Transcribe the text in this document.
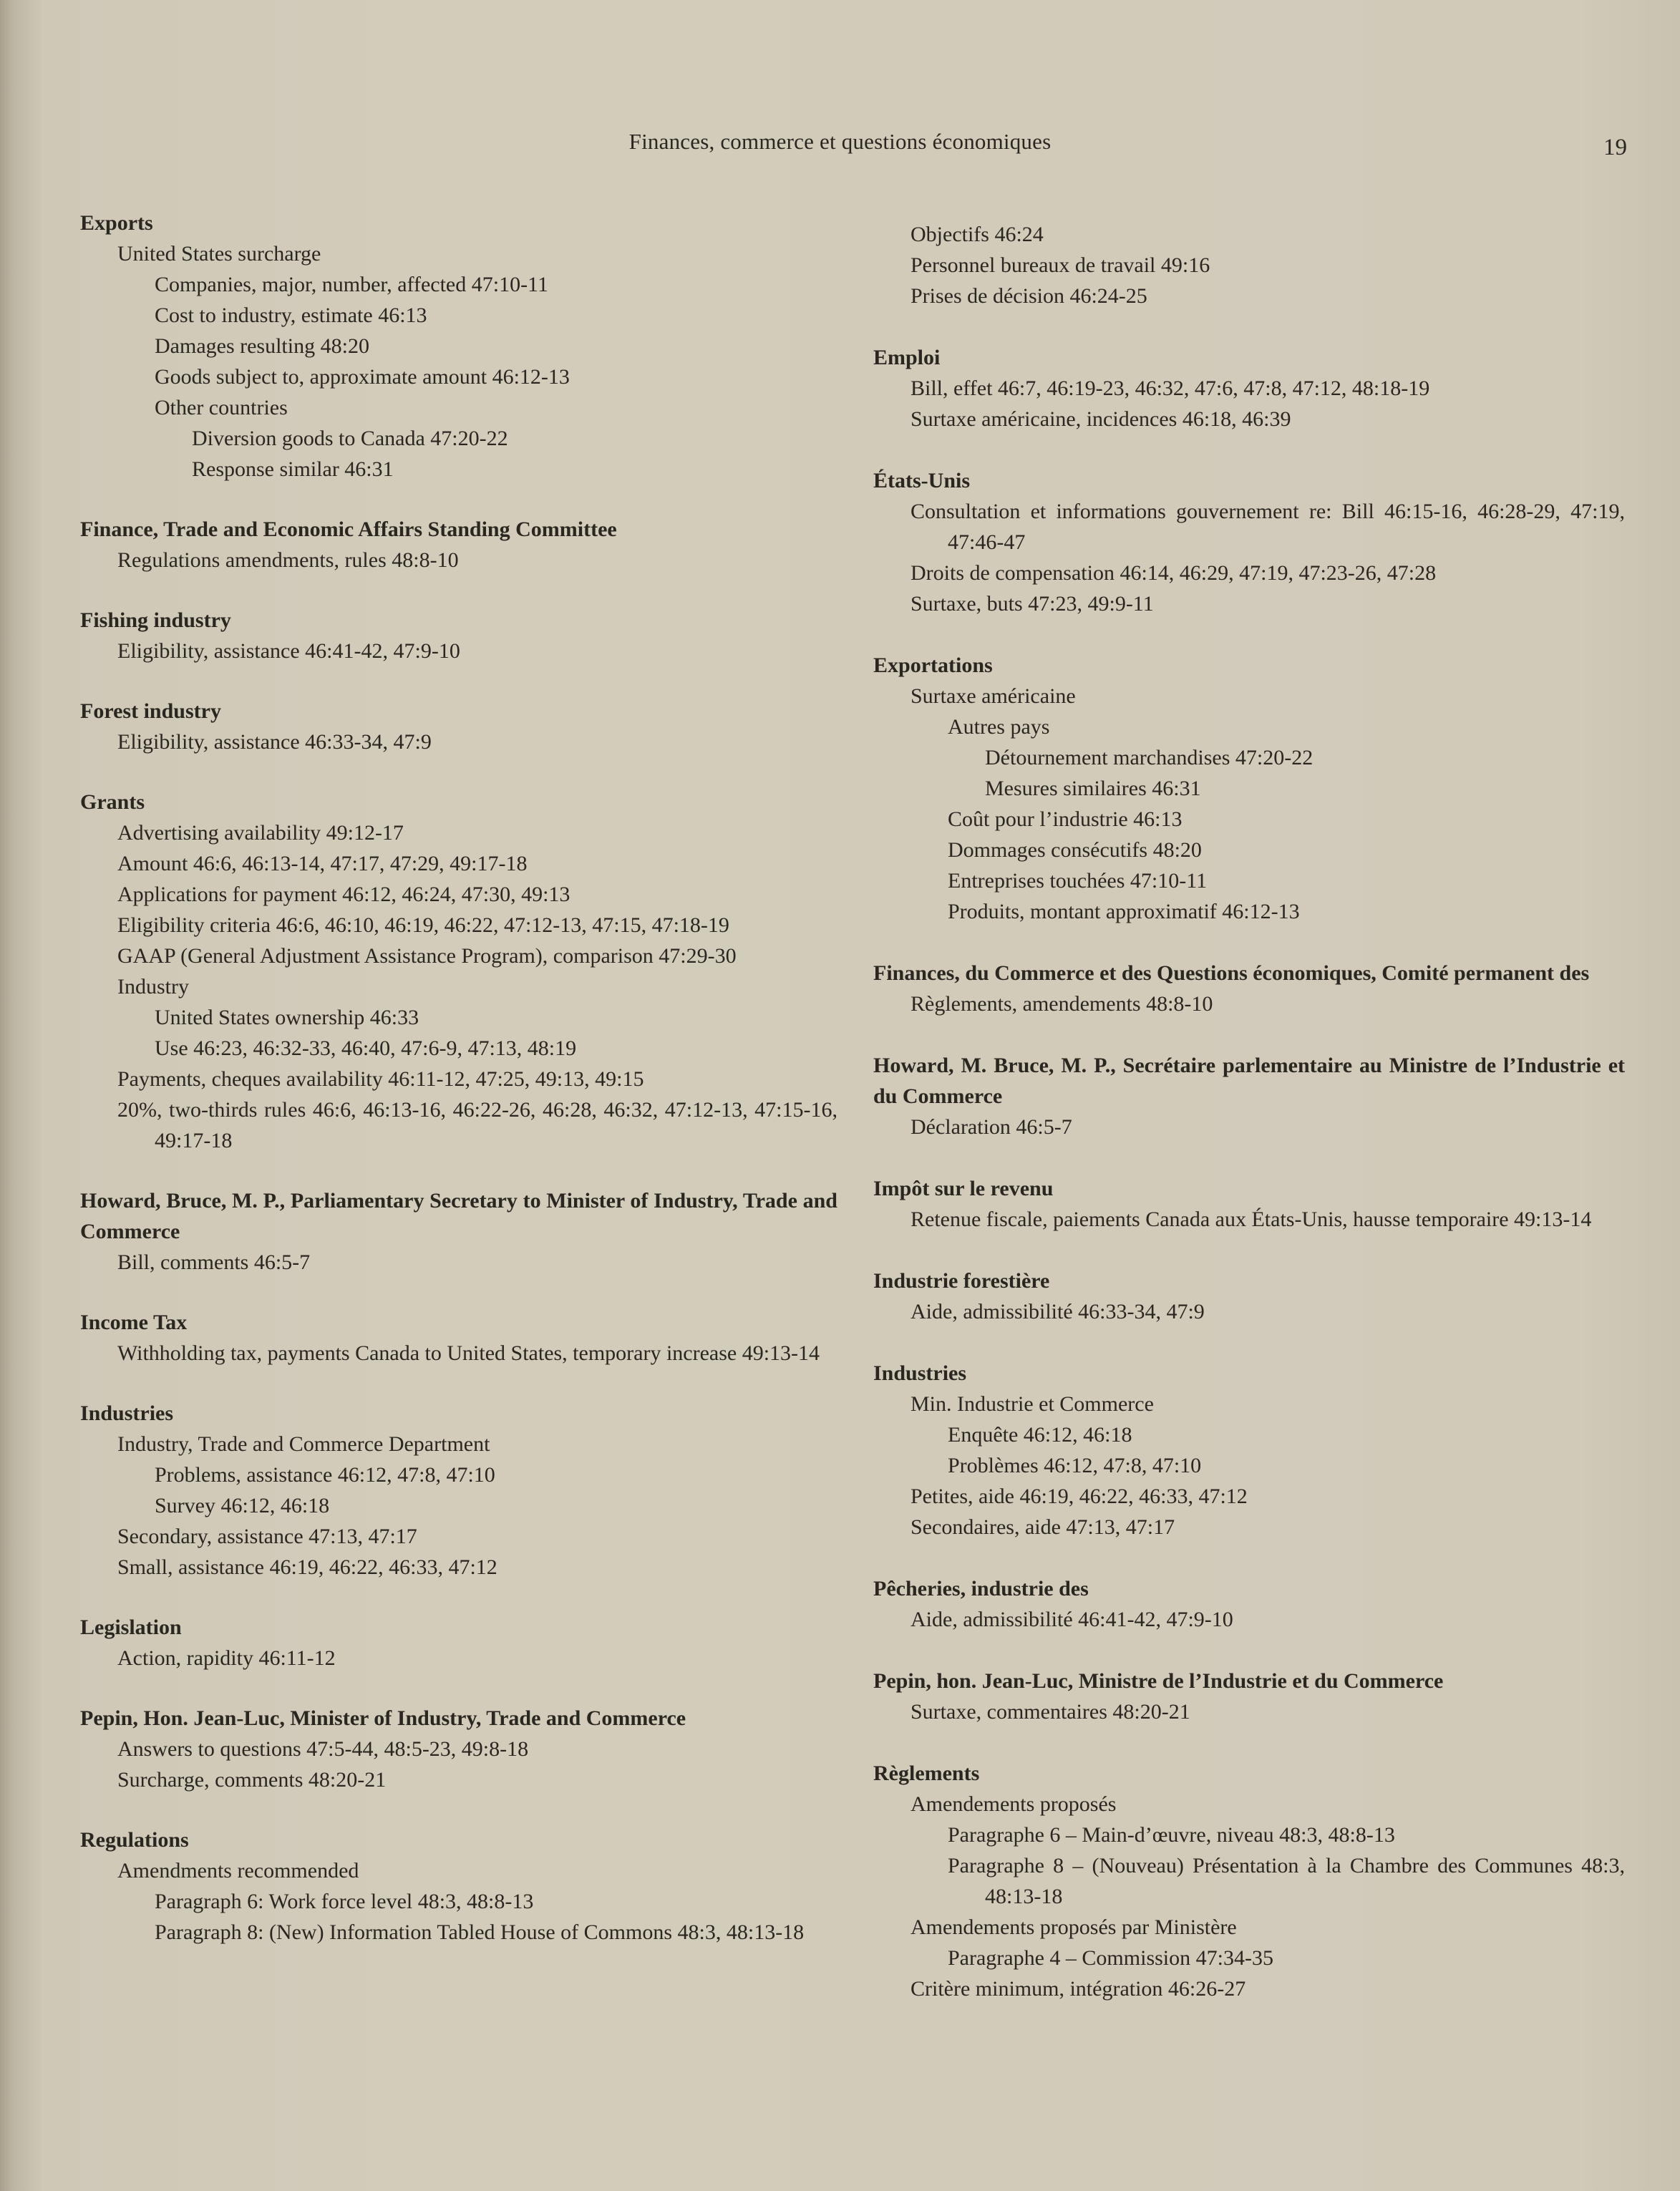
Finances, commerce et questions économiques	19
Exports
United States surcharge
Companies, major, number, affected 47:10-11
Cost to industry, estimate 46:13
Damages resulting 48:20
Goods subject to, approximate amount 46:12-13
Other countries
Diversion goods to Canada 47:20-22
Response similar 46:31
Finance, Trade and Economic Affairs Standing Committee
Regulations amendments, rules 48:8-10
Fishing industry
Eligibility, assistance 46:41-42, 47:9-10
Forest industry
Eligibility, assistance 46:33-34, 47:9
Grants
Advertising availability 49:12-17
Amount 46:6, 46:13-14, 47:17, 47:29, 49:17-18
Applications for payment 46:12, 46:24, 47:30, 49:13
Eligibility criteria 46:6, 46:10, 46:19, 46:22, 47:12-13, 47:15, 47:18-19
GAAP (General Adjustment Assistance Program), comparison 47:29-30
Industry
United States ownership 46:33
Use 46:23, 46:32-33, 46:40, 47:6-9, 47:13, 48:19
Payments, cheques availability 46:11-12, 47:25, 49:13, 49:15
20%, two-thirds rules 46:6, 46:13-16, 46:22-26, 46:28, 46:32, 47:12-13, 47:15-16, 49:17-18
Howard, Bruce, M. P., Parliamentary Secretary to Minister of Industry, Trade and Commerce
Bill, comments 46:5-7
Income Tax
Withholding tax, payments Canada to United States, temporary increase 49:13-14
Industries
Industry, Trade and Commerce Department
Problems, assistance 46:12, 47:8, 47:10
Survey 46:12, 46:18
Secondary, assistance 47:13, 47:17
Small, assistance 46:19, 46:22, 46:33, 47:12
Legislation
Action, rapidity 46:11-12
Pepin, Hon. Jean-Luc, Minister of Industry, Trade and Commerce
Answers to questions 47:5-44, 48:5-23, 49:8-18
Surcharge, comments 48:20-21
Regulations
Amendments recommended
Paragraph 6: Work force level 48:3, 48:8-13
Paragraph 8: (New) Information Tabled House of Commons 48:3, 48:13-18
Objectifs 46:24
Personnel bureaux de travail 49:16
Prises de décision 46:24-25
Emploi
Bill, effet 46:7, 46:19-23, 46:32, 47:6, 47:8, 47:12, 48:18-19
Surtaxe américaine, incidences 46:18, 46:39
États-Unis
Consultation et informations gouvernement re: Bill 46:15-16, 46:28-29, 47:19, 47:46-47
Droits de compensation 46:14, 46:29, 47:19, 47:23-26, 47:28
Surtaxe, buts 47:23, 49:9-11
Exportations
Surtaxe américaine
Autres pays
Détournement marchandises 47:20-22
Mesures similaires 46:31
Coût pour l’industrie 46:13
Dommages consécutifs 48:20
Entreprises touchées 47:10-11
Produits, montant approximatif 46:12-13
Finances, du Commerce et des Questions économiques, Comité permanent des
Règlements, amendements 48:8-10
Howard, M. Bruce, M. P., Secrétaire parlementaire au Ministre de l’Industrie et du Commerce
Déclaration 46:5-7
Impôt sur le revenu
Retenue fiscale, paiements Canada aux États-Unis, hausse temporaire 49:13-14
Industrie forestière
Aide, admissibilité 46:33-34, 47:9
Industries
Min. Industrie et Commerce
Enquête 46:12, 46:18
Problèmes 46:12, 47:8, 47:10
Petites, aide 46:19, 46:22, 46:33, 47:12
Secondaires, aide 47:13, 47:17
Pêcheries, industrie des
Aide, admissibilité 46:41-42, 47:9-10
Pepin, hon. Jean-Luc, Ministre de l’Industrie et du Commerce
Surtaxe, commentaires 48:20-21
Règlements
Amendements proposés
Paragraphe 6 – Main-d’œuvre, niveau 48:3, 48:8-13
Paragraphe 8 – (Nouveau) Présentation à la Chambre des Communes 48:3, 48:13-18
Amendements proposés par Ministère
Paragraphe 4 – Commission 47:34-35
Critère minimum, intégration 46:26-27
